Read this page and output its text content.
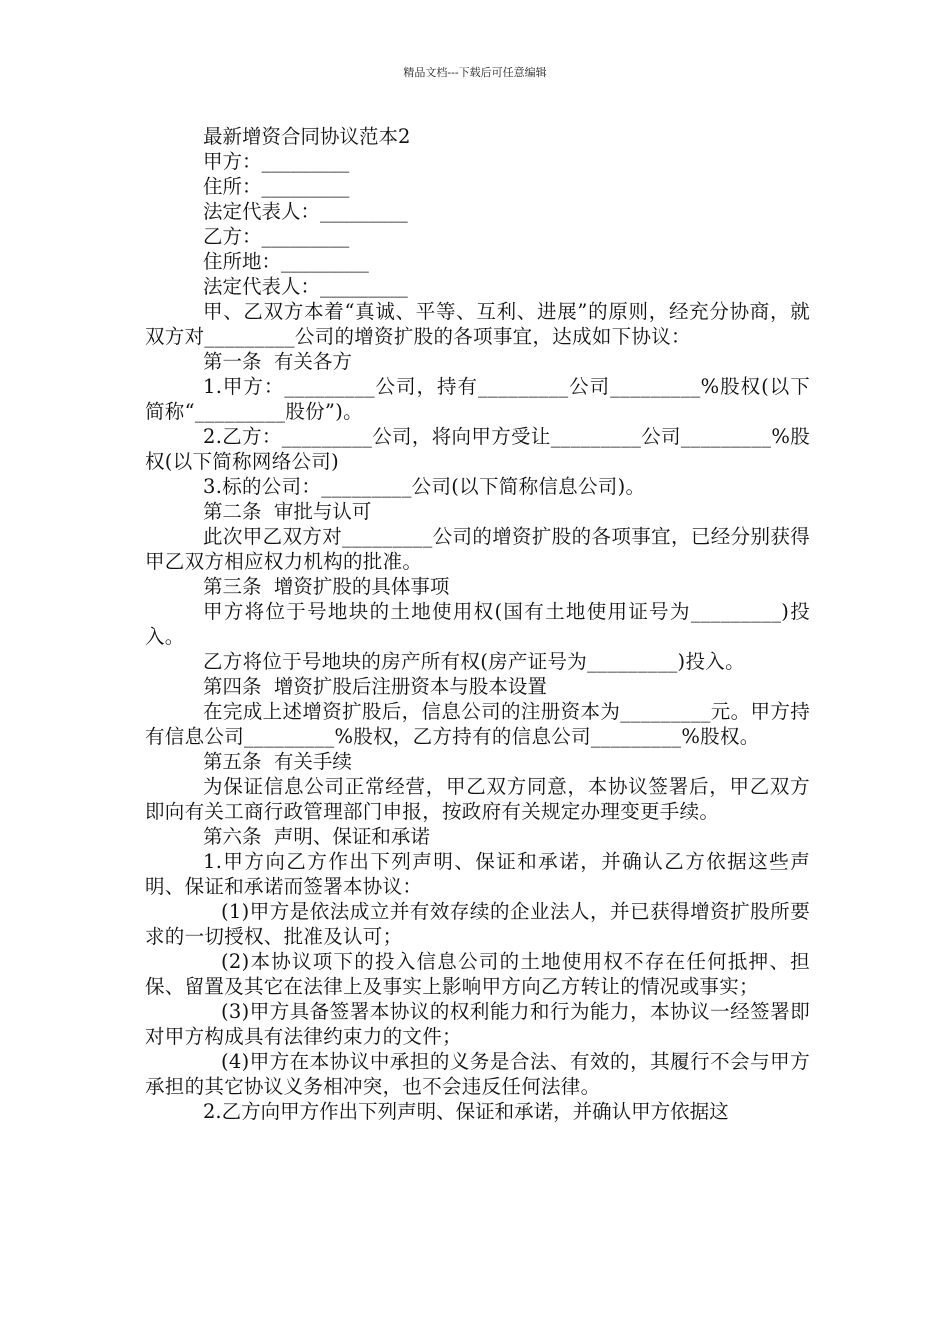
精品文档---下载后可任意编辑
最新增资合同协议范本2
甲方：_________
住所：_________
法定代表人：_________
乙方：_________
住所地：_________
法定代表人：_________
甲、乙双方本着“真诚、平等、互利、进展”的原则，经充分协商，就双方对_________公司的增资扩股的各项事宜，达成如下协议：
第一条  有关各方
1.甲方：_________公司，持有_________公司_________%股权(以下简称“_________股份”)。
2.乙方：_________公司，将向甲方受让_________公司_________%股权(以下简称网络公司)
3.标的公司：_________公司(以下简称信息公司)。
第二条  审批与认可
此次甲乙双方对_________公司的增资扩股的各项事宜，已经分别获得甲乙双方相应权力机构的批准。
第三条  增资扩股的具体事项
甲方将位于号地块的土地使用权(国有土地使用证号为_________)投入。
乙方将位于号地块的房产所有权(房产证号为_________)投入。
第四条  增资扩股后注册资本与股本设置
在完成上述增资扩股后，信息公司的注册资本为_________元。甲方持有信息公司_________%股权，乙方持有的信息公司_________%股权。
第五条  有关手续
为保证信息公司正常经营，甲乙双方同意，本协议签署后，甲乙双方即向有关工商行政管理部门申报，按政府有关规定办理变更手续。
第六条  声明、保证和承诺
1.甲方向乙方作出下列声明、保证和承诺，并确认乙方依据这些声明、保证和承诺而签署本协议：
(1)甲方是依法成立并有效存续的企业法人，并已获得增资扩股所要求的一切授权、批准及认可；
(2)本协议项下的投入信息公司的土地使用权不存在任何抵押、担保、留置及其它在法律上及事实上影响甲方向乙方转让的情况或事实；
(3)甲方具备签署本协议的权利能力和行为能力，本协议一经签署即对甲方构成具有法律约束力的文件；
(4)甲方在本协议中承担的义务是合法、有效的，其履行不会与甲方承担的其它协议义务相冲突，也不会违反任何法律。
2.乙方向甲方作出下列声明、保证和承诺，并确认甲方依据这
